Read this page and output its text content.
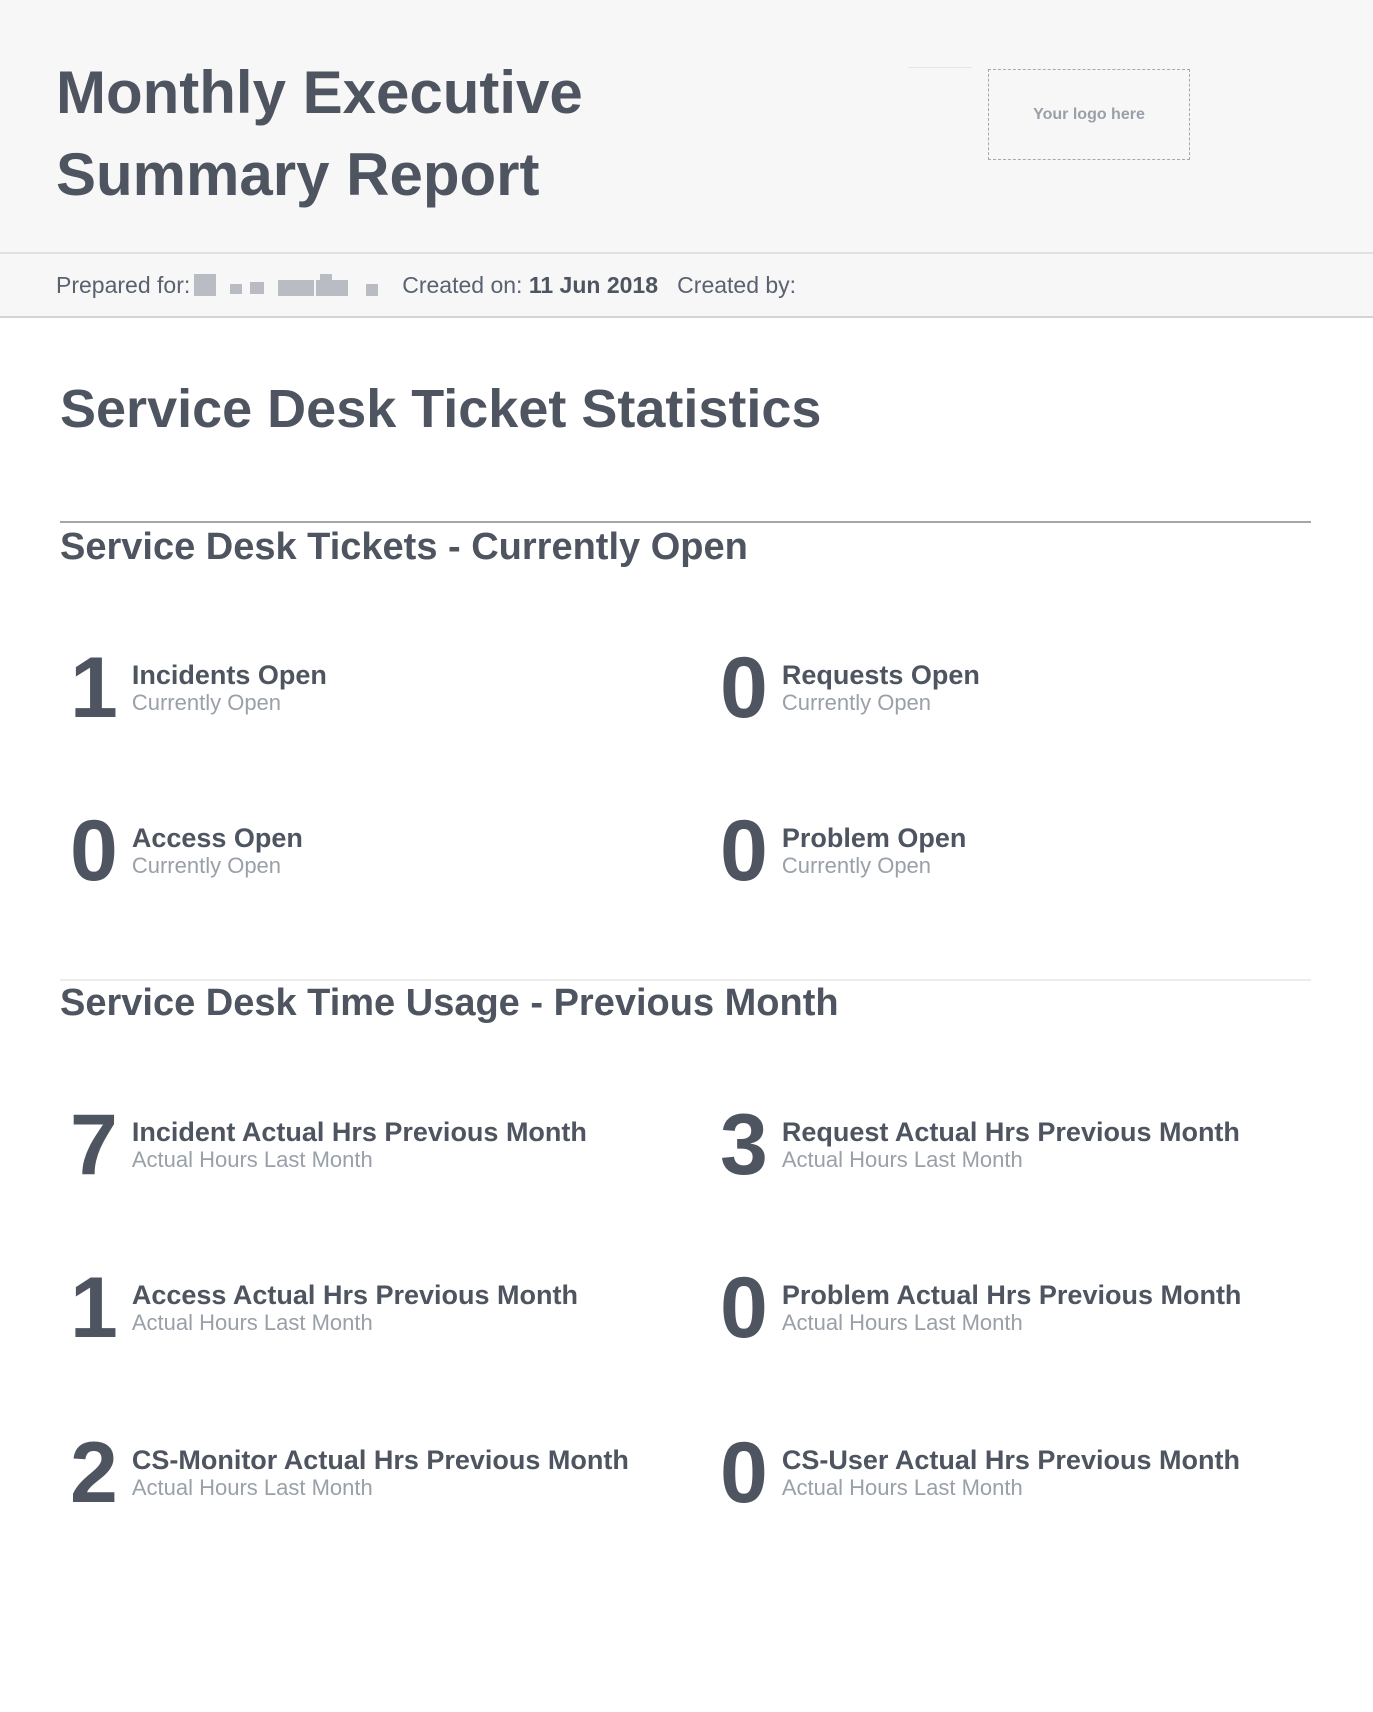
Monthly Executive
Summary Report
Your logo here
Prepared for:	Created on:
11 Jun 2018
Created by:
Service Desk Ticket Statistics
Service Desk Tickets - Currently Open
1 Incidents Open
Currently Open	0 Requests Open
Currently Open
0 Access Open
Currently Open	0 Problem Open
Currently Open
Service Desk Time Usage - Previous Month
7 Incident Actual Hrs Previous Month
Actual Hours Last Month	3 Request Actual Hrs Previous Month
Actual Hours Last Month
1 Access Actual Hrs Previous Month
Actual Hours Last Month	0 Problem Actual Hrs Previous Month
Actual Hours Last Month
2 CS-Monitor Actual Hrs Previous Month
Actual Hours Last Month	0 CS-User Actual Hrs Previous Month
Actual Hours Last Month
